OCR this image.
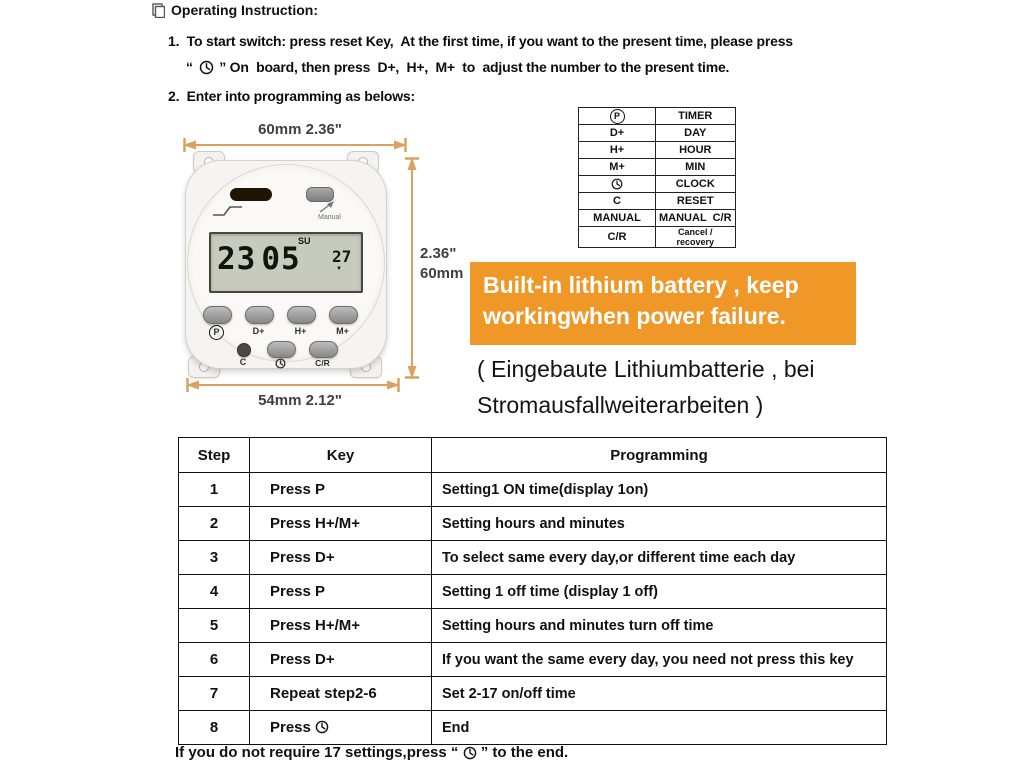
Operating Instruction:
1.  To start switch: press reset Key,  At the first time, if you want to the present time, please press
“ ” On  board, then press  D+,  H+,  M+  to  adjust the number to the present time.
2.  Enter into programming as belows:
P	TIMER
D+	DAY
H+	HOUR
M+	MIN

	CLOCK
C	RESET
MANUAL	MANUAL  C/R
C/R	Cancel / recovery
60mm 2.36"
2.36"
60mm
54mm 2.12"
Manual
SU
23 05 27
▼
P	D+	H+	M+
C	C/R
Built-in lithium battery , keep
workingwhen power failure.
( Eingebaute Lithiumbatterie , bei
Stromausfallweiterarbeiten )
Step	Key	Programming
1	Press P	Setting1 ON time(display 1on)
2	Press H+/M+	Setting hours and minutes
3	Press D+	To select same every day,or different time each day
4	Press P	Setting 1 off time (display 1 off)
5	Press H+/M+	Setting hours and minutes turn off time
6	Press D+	If you want the same every day, you need not press this key
7	Repeat step2-6	Set 2-17 on/off time
8	Press	End
If you do not require 17 settings,press “ ” to the end.
